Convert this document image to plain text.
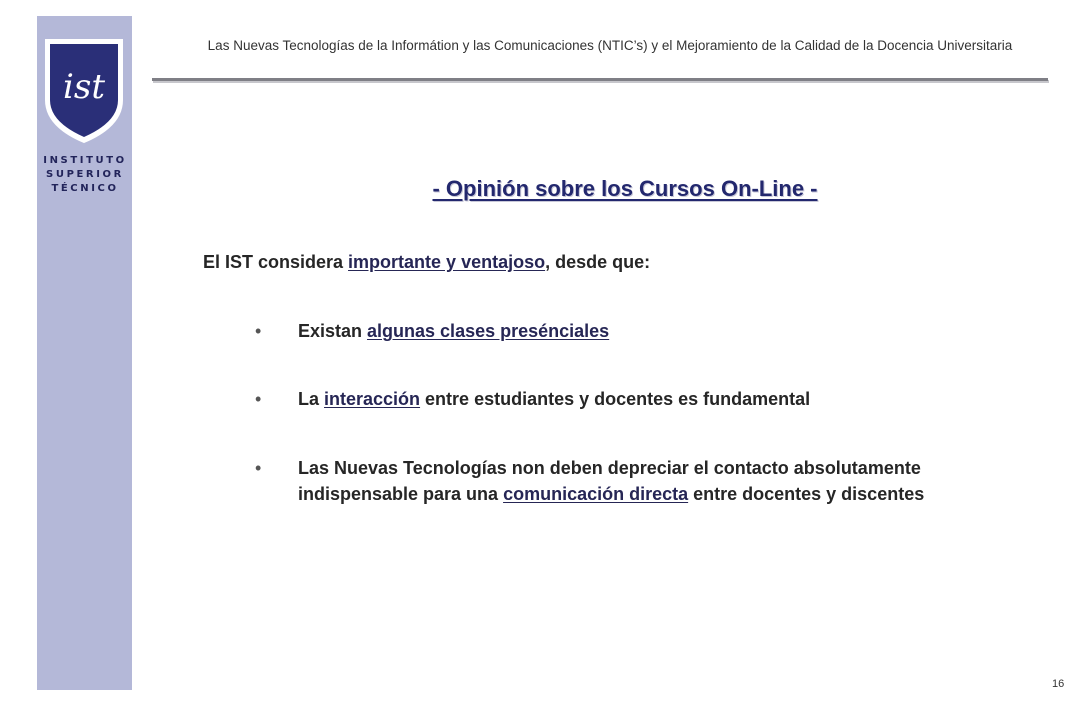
ist
INSTITUTO
SUPERIOR
TÉCNICO
Las Nuevas Tecnologías de la Informátion y las Comunicaciones (NTIC’s) y el Mejoramiento de la Calidad de la Docencia Universitaria
- Opinión sobre los Cursos On-Line -
El IST considera importante y ventajoso, desde que:
• Existan algunas clases presénciales
• La interacción entre estudiantes y docentes es fundamental
• Las Nuevas Tecnologías non deben depreciar el contacto absolutamente indispensable para una comunicación directa entre docentes y discentes
16
